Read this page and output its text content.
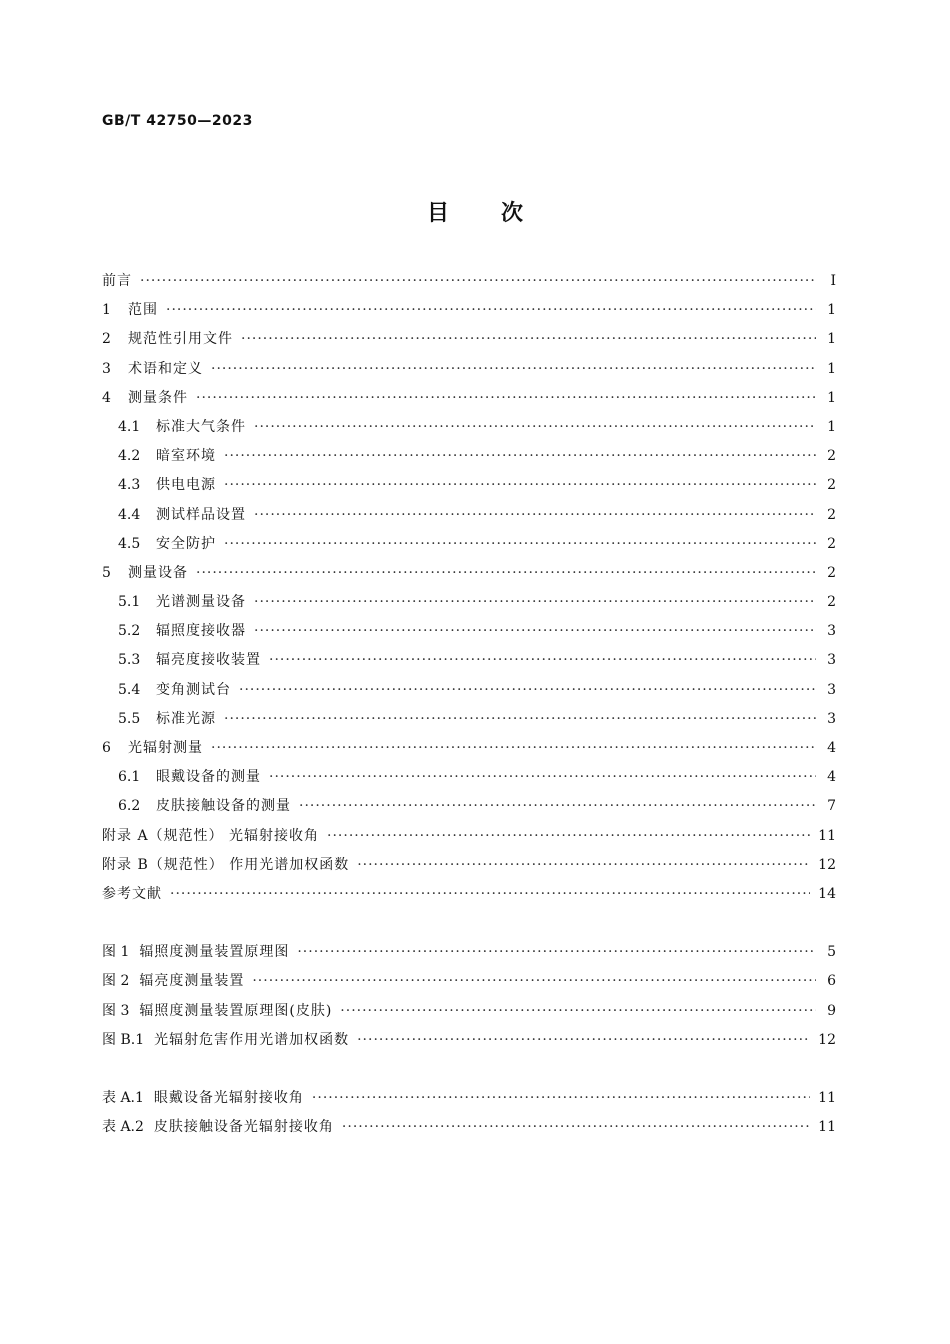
GB/T 42750—2023
目 次
前言 ·····	Ⅰ
1	范围 ·····	1
2	规范性引用文件 ·····	1
3	术语和定义 ·····	1
4	测量条件 ·····	1
4.1 标准大气条件 ·····	1
4.2 暗室环境 ·····	2
4.3 供电电源 ·····	2
4.4 测试样品设置 ·····	2
4.5 安全防护 ·····	2
5	测量设备 ·····	2
5.1 光谱测量设备 ·····	2
5.2 辐照度接收器 ·····	3
5.3 辐亮度接收装置 ·····	3
5.4 变角测试台 ·····	3
5.5 标准光源 ·····	3
6	光辐射测量 ·····	4
6.1 眼戴设备的测量 ·····	4
6.2 皮肤接触设备的测量 ·····	7
附录 A（规范性） 光辐射接收角 ·····	11
附录 B（规范性） 作用光谱加权函数 ·····	12
参考文献 ·····	14
图 1 辐照度测量装置原理图 ·····	5
图 2 辐亮度测量装置 ·····	6
图 3 辐照度测量装置原理图(皮肤) ·····	9
图 B.1 光辐射危害作用光谱加权函数 ·····	12
表 A.1 眼戴设备光辐射接收角 ·····	11
表 A.2 皮肤接触设备光辐射接收角 ·····	11
